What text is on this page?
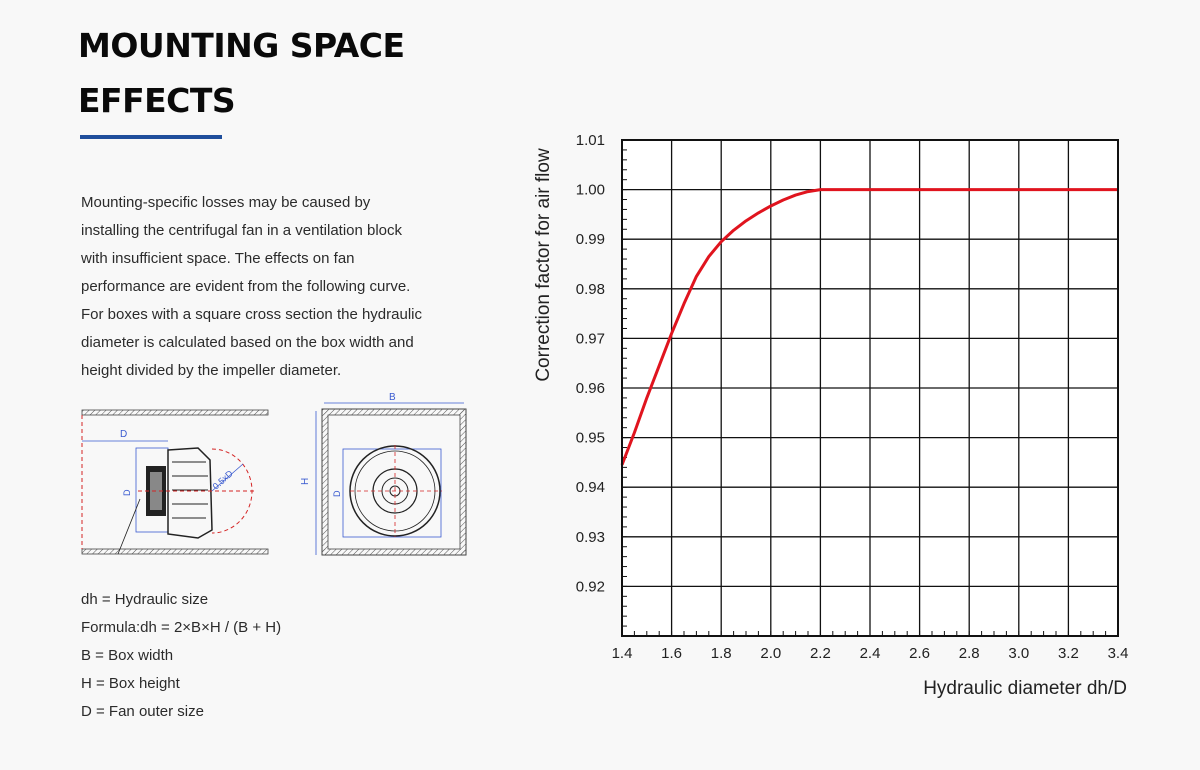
MOUNTING SPACE
EFFECTS
Mounting-specific losses may be caused by
installing the centrifugal fan in a ventilation block
with insufficient space. The effects on fan
performance are evident from the following curve.
For boxes with a square cross section the hydraulic
diameter is calculated based on the box width and
height divided by the impeller diameter.
D
D
0.5xD
B
H
D
dh = Hydraulic size
Formula:dh = 2×B×H / (B + H)
B = Box width
H = Box height
D = Fan outer size
1.4 1.6 1.8 2.0 2.2 2.4 2.6 2.8 3.0 3.2 3.4
0.92
0.93
0.94
0.95
0.96
0.97
0.98
0.99
1.00
1.01
Hydraulic diameter dh/D
Correction factor for air flow
